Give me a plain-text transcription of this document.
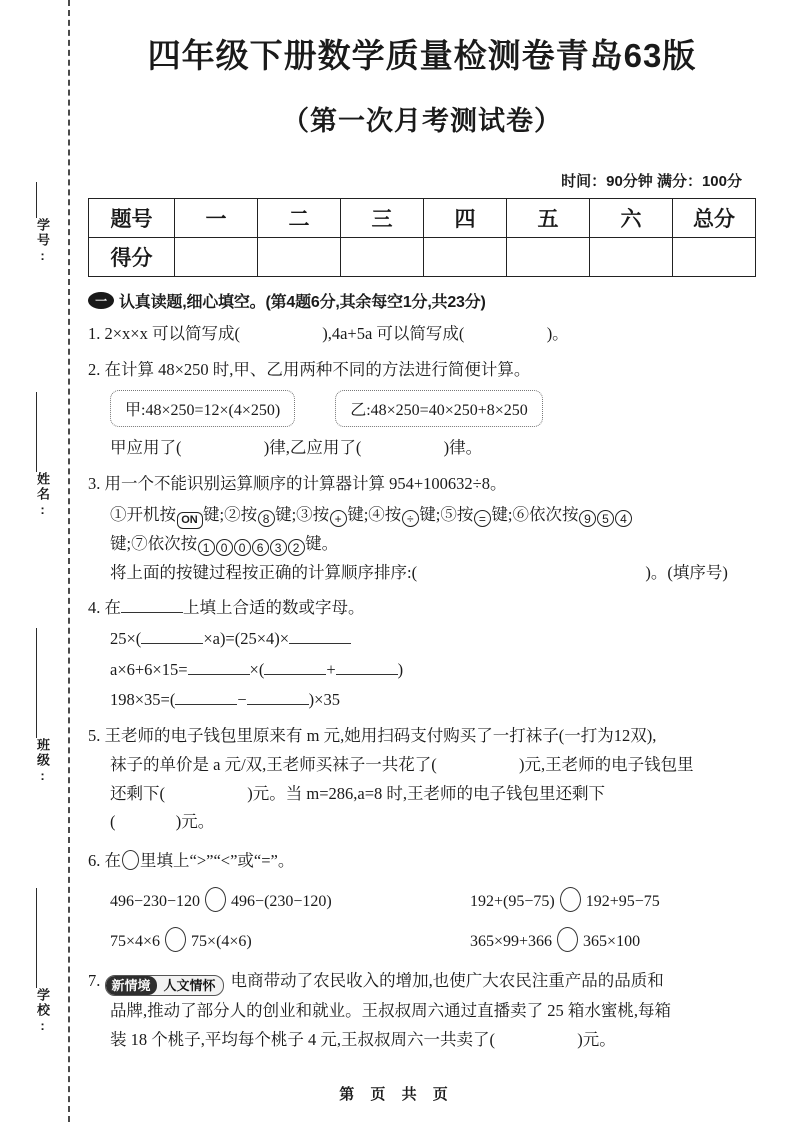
学号:
姓名:
班级:
学校:
四年级下册数学质量检测卷青岛63版
（第一次月考测试卷）
时间：90分钟 满分：100分
题号	一	二	三	四	五	六	总分
得分							
一 认真读题,细心填空。(第4题6分,其余每空1分,共23分)
1. 2×x×x 可以简写成(	),4a+5a 可以简写成(	)。
2. 在计算 48×250 时,甲、乙用两种不同的方法进行简便计算。
甲:48×250=12×(4×250)	乙:48×250=40×250+8×250
甲应用了(	)律,乙应用了(	)律。
3. 用一个不能识别运算顺序的计算器计算 954+100632÷8。
①开机按 ON 键;②按 8 键;③按 + 键;④按 ÷ 键;⑤按 = 键;⑥依次按 9 5 4
键;⑦依次按 1 0 0 6 3 2 键。
将上面的按键过程按正确的计算顺序排序:(	)。(填序号)
4. 在	上填上合适的数或字母。
25×(	×a)=(25×4)×
a×6+6×15=	×(	+	)
198×35=(	−	)×35
5. 王老师的电子钱包里原来有 m 元,她用扫码支付购买了一打袜子(一打为12双),
袜子的单价是 a 元/双,王老师买袜子一共花了(	)元,王老师的电子钱包里
还剩下(	)元。当 m=286,a=8 时,王老师的电子钱包里还剩下
(	)元。
6. 在 里填上“>”“<”或“=”。
496−230−120 496−(230−120)	192+(95−75) 192+95−75
75×4×6 75×(4×6)	365×99+366 365×100
7. 新情境	人文情怀 电商带动了农民收入的增加,也使广大农民注重产品的品质和
品牌,推动了部分人的创业和就业。王叔叔周六通过直播卖了 25 箱水蜜桃,每箱
装 18 个桃子,平均每个桃子 4 元,王叔叔周六一共卖了(	)元。
第 页 共 页
